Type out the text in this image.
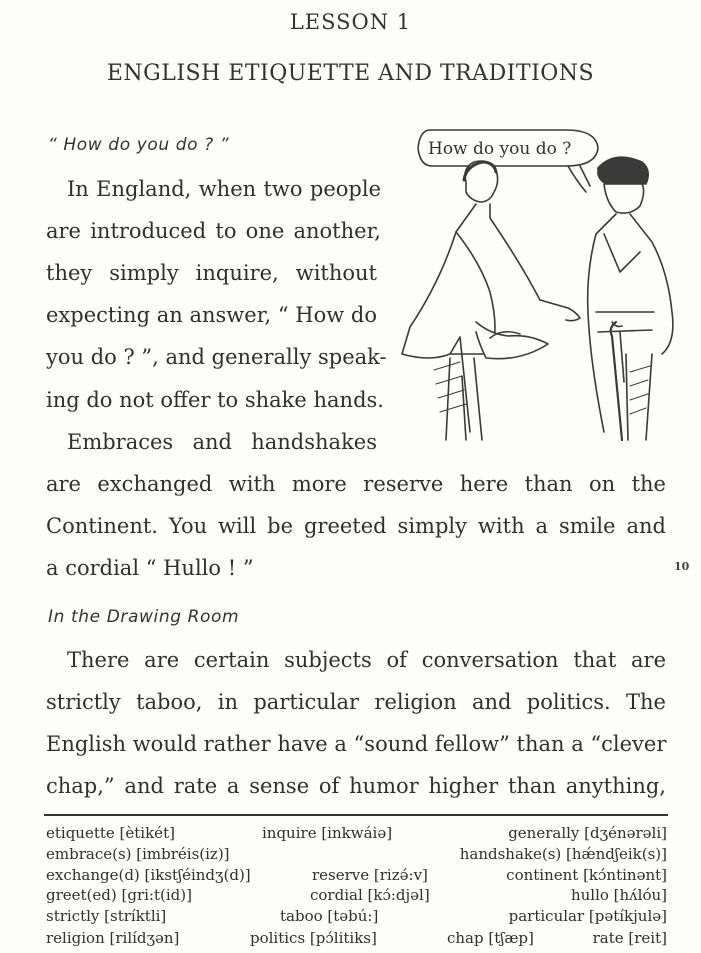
LESSON 1
ENGLISH ETIQUETTE AND TRADITIONS
“ How do you do ? ”
In England, when two people
are introduced to one another,
they simply inquire, without
expecting an answer, “ How do
you do ? ”, and generally speak-
ing do not offer to shake hands.
Embraces and handshakes
are exchanged with more reserve here than on the
Continent. You will be greeted simply with a smile and
a cordial “ Hullo ! ”	10
How do you do ?
In the Drawing Room
There are certain subjects of conversation that are
strictly taboo, in particular religion and politics. The
English would rather have a “sound fellow” than a “clever
chap,” and rate a sense of humor higher than anything,
etiquette [ètikét]	inquire [inkwáiə]	generally [dʒénərəli]
embrace(s) [imbréis(iz)]	handshake(s) [hǽndʃeik(s)]
exchange(d) [ikstʃéindʒ(d)]	reserve [rizə́:v]	continent [kɔ́ntinənt]
greet(ed) [gri:t(id)]	cordial [kɔ́:djəl]	hullo [hʌ́lóu]
strictly [stríktli]	taboo [təbú:]	particular [pətíkjulə]
religion [rilídʒən]	politics [pɔ́litiks]	chap [tʃæp]	rate [reit]
